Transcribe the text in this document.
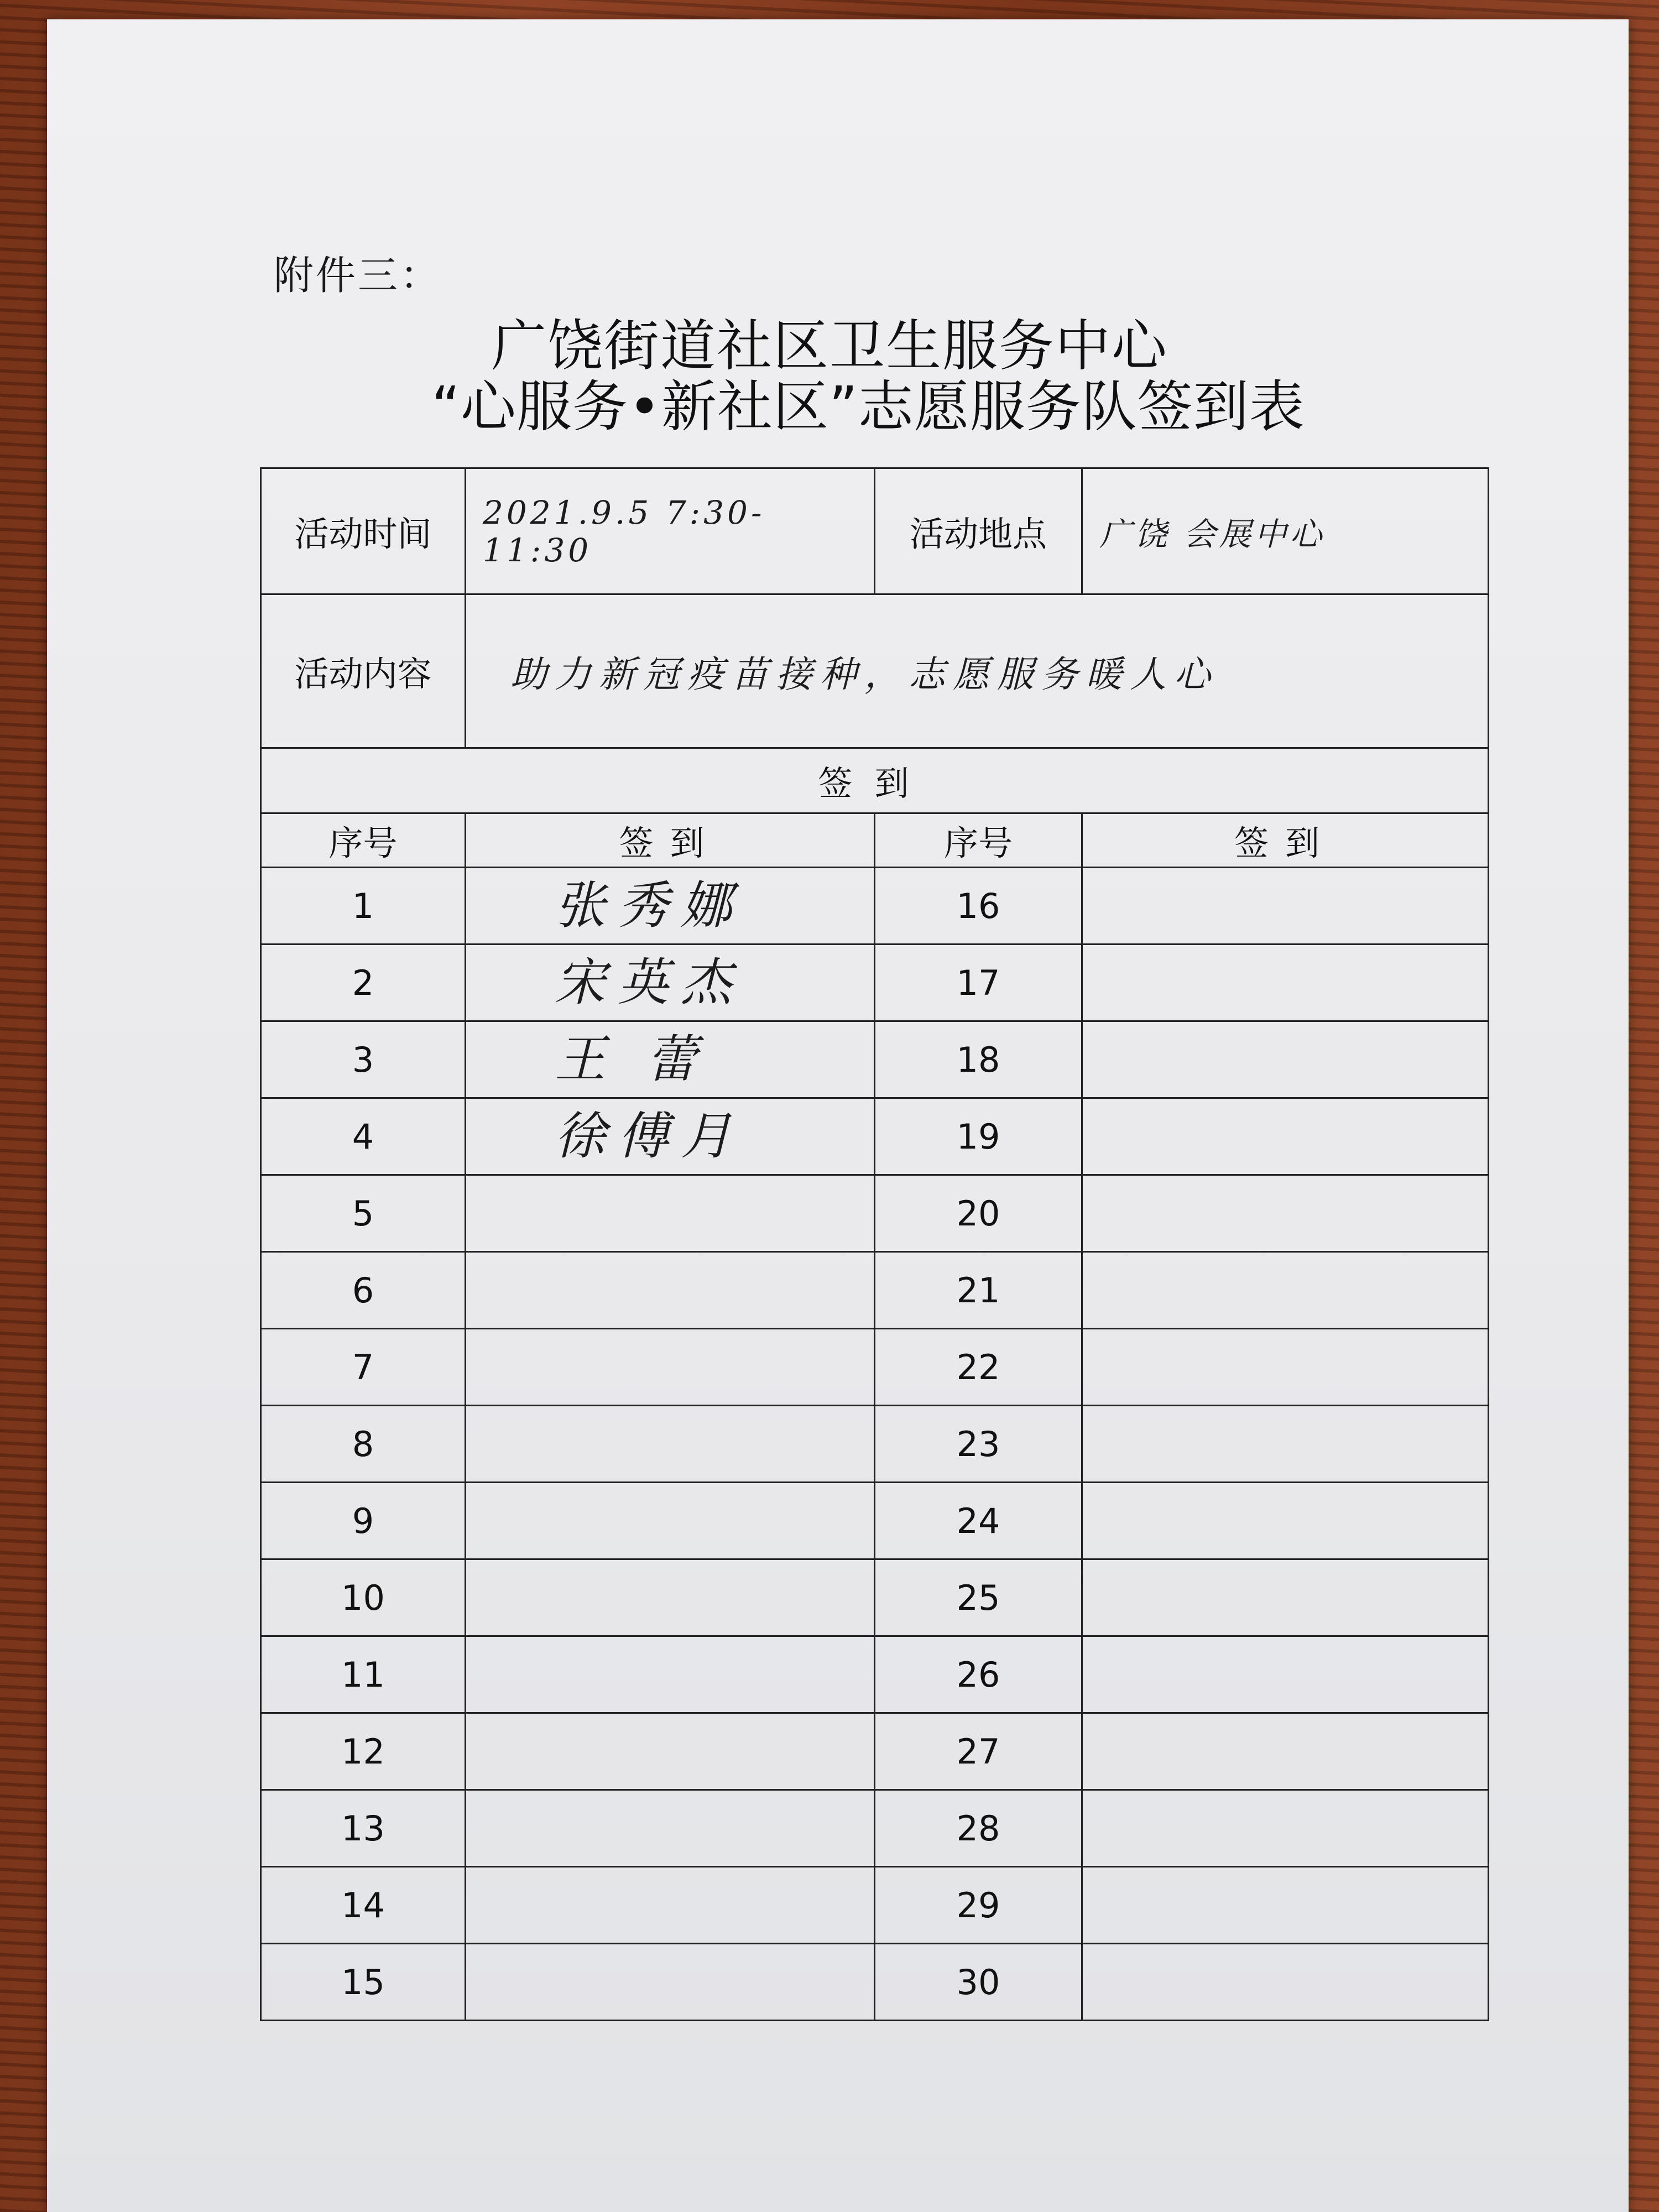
附件三：
广饶街道社区卫生服务中心
“心服务•新社区”志愿服务队签到表
活动时间	2021.9.5 7:30-11:30	活动地点	广饶 会展中心
活动内容	助力新冠疫苗接种，志愿服务暖人心		
签到			
序号	签到	序号	签到
1	张秀娜	16	
2	宋英杰	17	
3	王 蕾	18	
4	徐傅月	19	
5		20	
6		21	
7		22	
8		23	
9		24	
10		25	
11		26	
12		27	
13		28	
14		29	
15		30	
